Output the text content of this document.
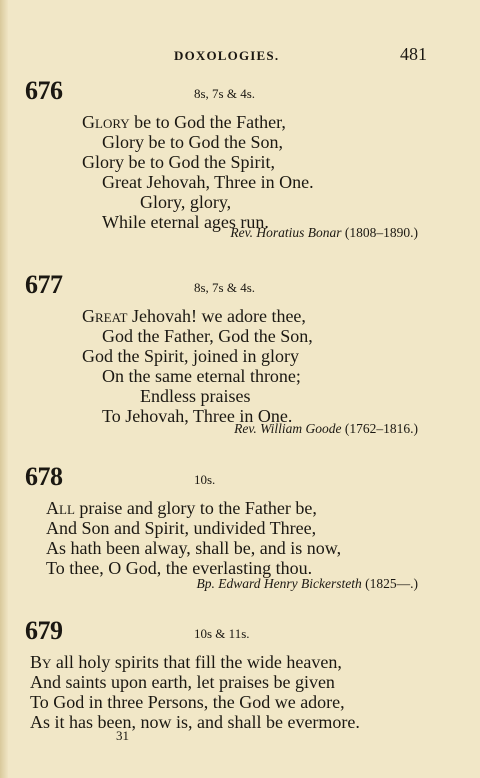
DOXOLOGIES.	481
676	8s, 7s & 4s.
Glory be to God the Father,
Glory be to God the Son,
Glory be to God the Spirit,
Great Jehovah, Three in One.
Glory, glory,
While eternal ages run.
Rev. Horatius Bonar (1808–1890.)
677	8s, 7s & 4s.
Great Jehovah! we adore thee,
God the Father, God the Son,
God the Spirit, joined in glory
On the same eternal throne;
Endless praises
To Jehovah, Three in One.
Rev. William Goode (1762–1816.)
678	10s.
All praise and glory to the Father be,
And Son and Spirit, undivided Three,
As hath been alway, shall be, and is now,
To thee, O God, the everlasting thou.
Bp. Edward Henry Bickersteth (1825—.)
679	10s & 11s.
By all holy spirits that fill the wide heaven,
And saints upon earth, let praises be given
To God in three Persons, the God we adore,
As it has been, now is, and shall be evermore.
31
